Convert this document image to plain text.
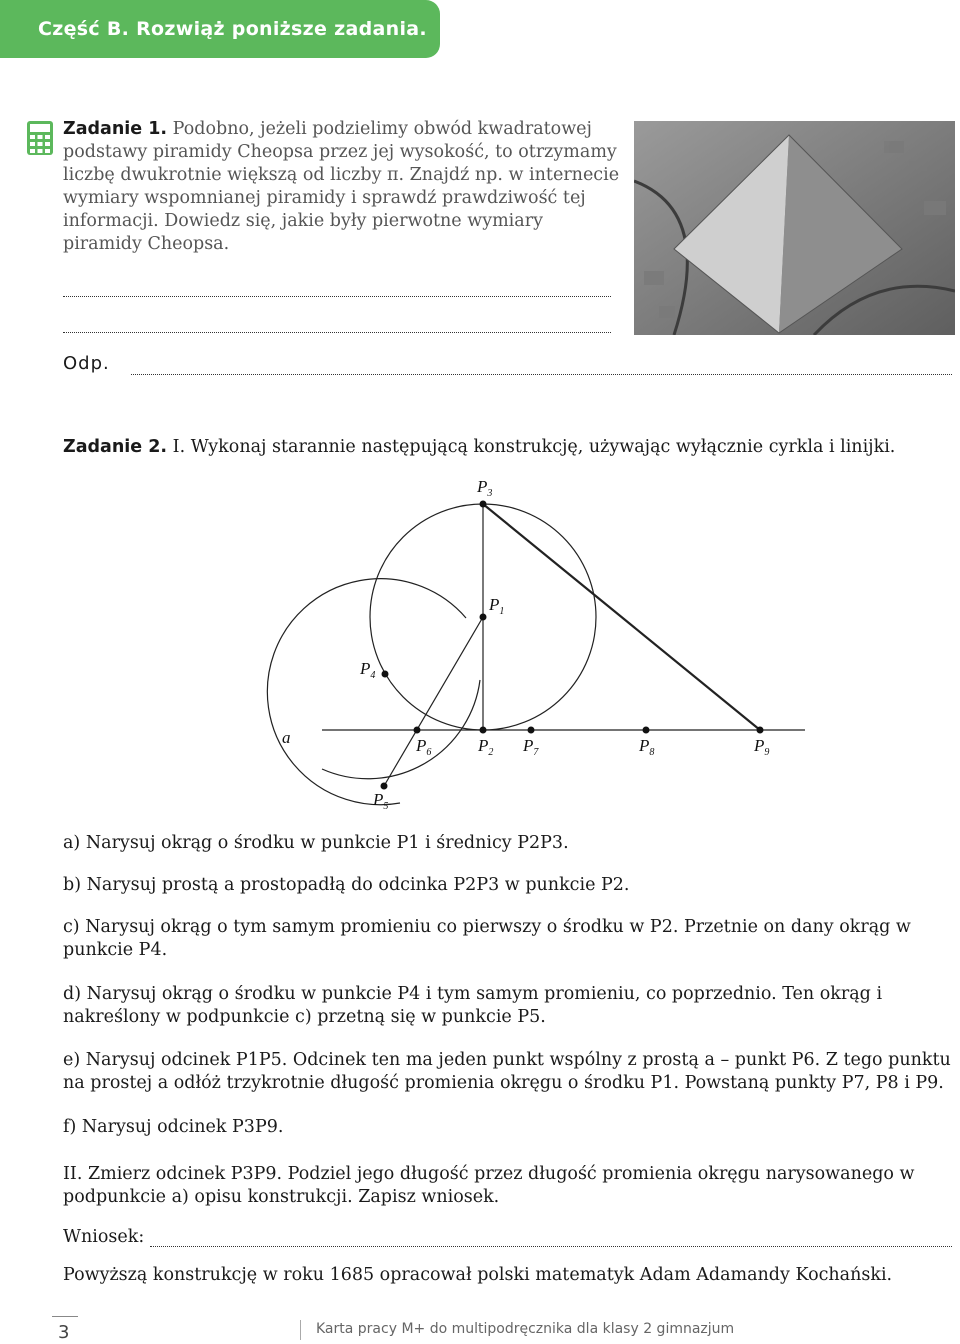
Część B. Rozwiąż poniższe zadania.

Zadanie 1. Podobno, jeżeli podzielimy obwód kwadratowej podstawy piramidy Cheopsa przez jej wysokość, to otrzymamy liczbę dwukrotnie większą od liczby π. Znajdź np. w internecie wymiary wspomnianej piramidy i sprawdź prawdziwość tej informacji. Dowiedz się, jakie były pierwotne wymiary piramidy Cheopsa.

Odp.

Zadanie 2. I. Wykonaj starannie następującą konstrukcję, używając wyłącznie cyrkla i linijki.

a
$P_3$
$P_1$
$P_4$
$P_6$	$P_2$ $P_7$	$P_8$	$P_9$
$P_5$
a) Narysuj okrąg o środku w punkcie P1 i średnicy P2P3.
b) Narysuj prostą a prostopadłą do odcinka P2P3 w punkcie P2.
c) Narysuj okrąg o tym samym promieniu co pierwszy o środku w P2. Przetnie on dany okrąg w punkcie P4.
d) Narysuj okrąg o środku w punkcie P4 i tym samym promieniu, co poprzednio. Ten okrąg i nakreślony w podpunkcie c) przetną się w punkcie P5.
e) Narysuj odcinek P1P5. Odcinek ten ma jeden punkt wspólny z prostą a – punkt P6. Z tego punktu na prostej a odłóż trzykrotnie długość promienia okręgu o środku P1. Powstaną punkty P7, P8 i P9.
f) Narysuj odcinek P3P9.
II. Zmierz odcinek P3P9. Podziel jego długość przez długość promienia okręgu narysowanego w podpunkcie a) opisu konstrukcji. Zapisz wniosek.
Wniosek:
Powyższą konstrukcję w roku 1685 opracował polski matematyk Adam Adamandy Kochański.
3	Karta pracy M+ do multipodręcznika dla klasy 2 gimnazjum
